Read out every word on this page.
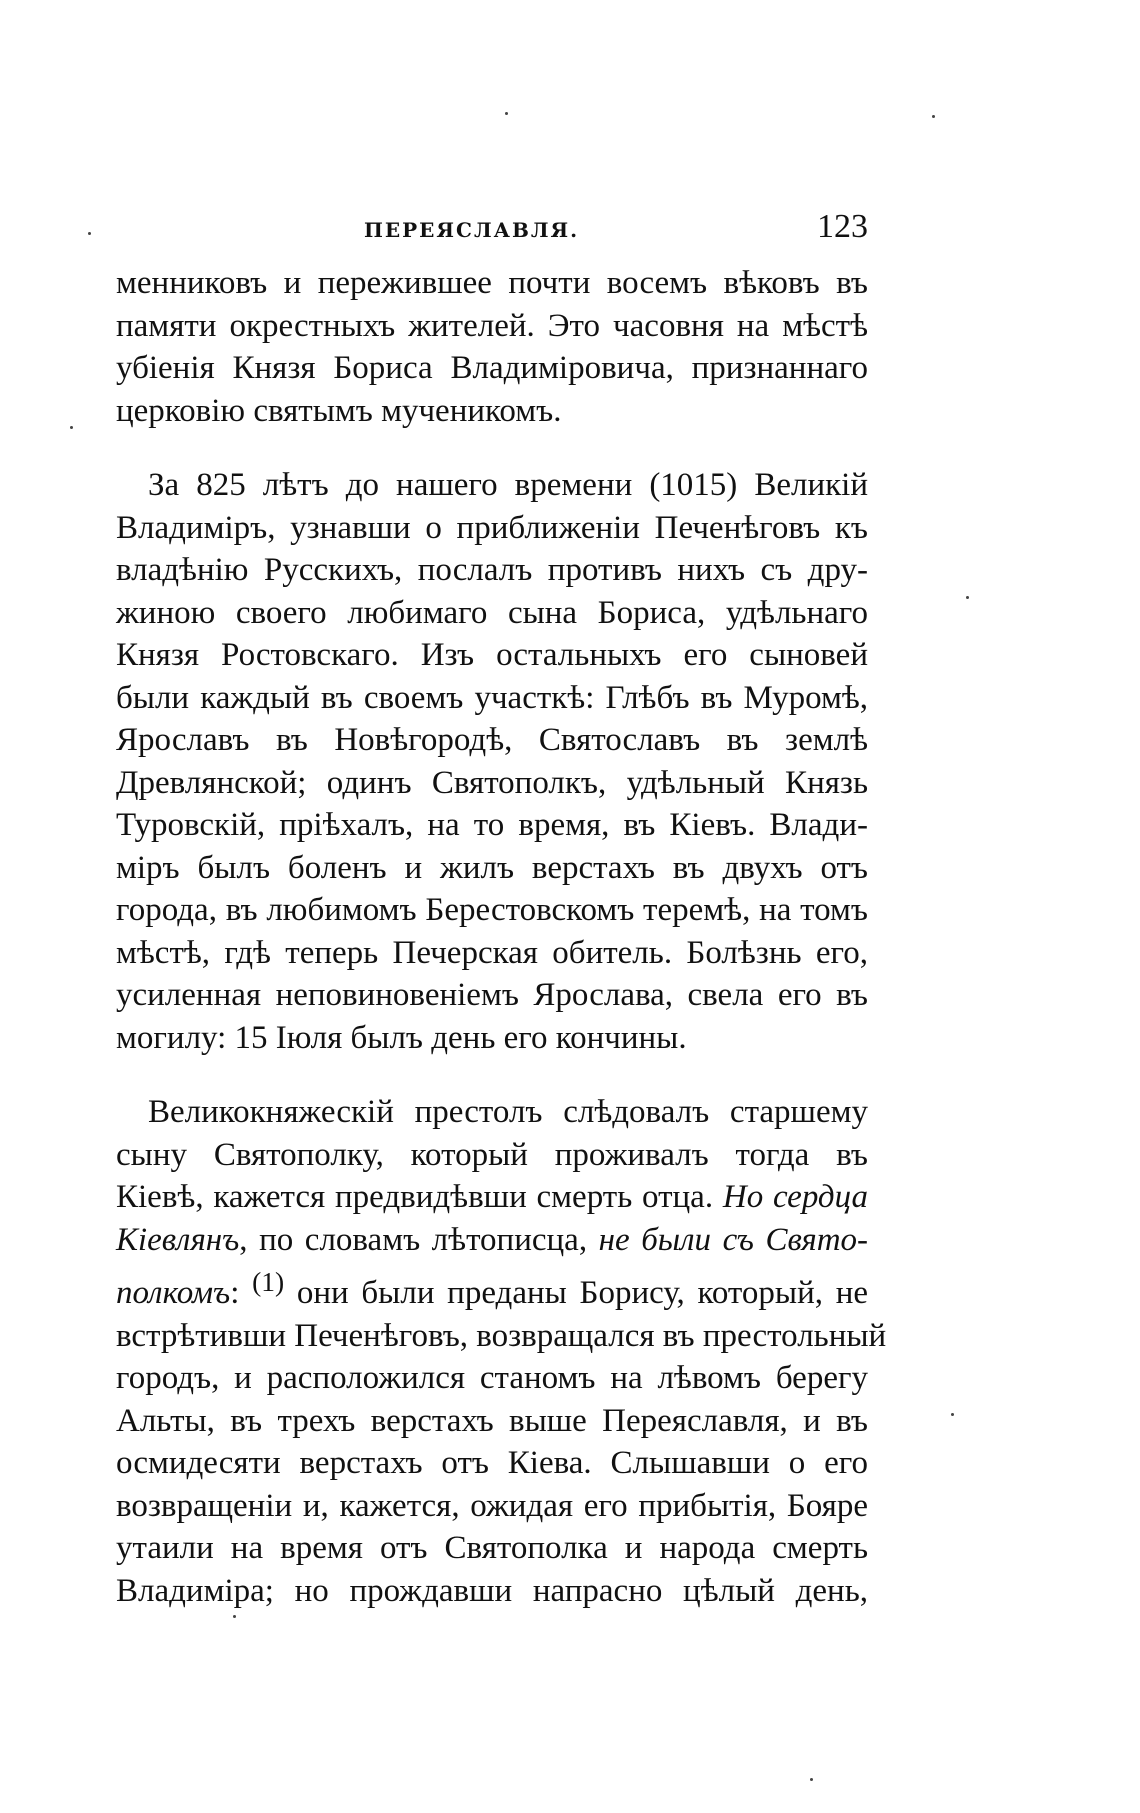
ПЕРЕЯСЛАВЛЯ.	123
менниковъ и пережившее почти восемъ вѣковъ въ
памяти окрестныхъ жителей. Это часовня на мѣстѣ
убіенія Князя Бориса Владиміровича, признаннаго
церковію святымъ мученикомъ.
За 825 лѣтъ до нашего времени (1015) Великій
Владиміръ, узнавши о приближеніи Печенѣговъ къ
владѣнію Русскихъ, послалъ противъ нихъ съ дру-
жиною своего любимаго сына Бориса, удѣльнаго
Князя Ростовскаго. Изъ остальныхъ его сыновей
были каждый въ своемъ участкѣ: Глѣбъ въ Муромѣ,
Ярославъ въ Новѣгородѣ, Святославъ въ землѣ
Древлянской; одинъ Святополкъ, удѣльный Князь
Туровскій, пріѣхалъ, на то время, въ Кіевъ. Влади-
міръ былъ боленъ и жилъ верстахъ въ двухъ отъ
города, въ любимомъ Берестовскомъ теремѣ, на томъ
мѣстѣ, гдѣ теперь Печерская обитель. Болѣзнь его,
усиленная неповиновеніемъ Ярослава, свела его въ
могилу: 15 Іюля былъ день его кончины.
Великокняжескій престолъ слѣдовалъ старшему
сыну Святополку, который проживалъ тогда въ
Кіевѣ, кажется предвидѣвши смерть отца. Но сердца
Кіевлянъ, по словамъ лѣтописца, не были съ Свято-
полкомъ: $^{(1)}$ они были преданы Борису, который, не
встрѣтивши Печенѣговъ, возвращался въ престольный
городъ, и расположился станомъ на лѣвомъ берегу
Альты, въ трехъ верстахъ выше Переяславля, и въ
осмидесяти верстахъ отъ Кіева. Слышавши о его
возвращеніи и, кажется, ожидая его прибытія, Бояре
утаили на время отъ Святополка и народа смерть
Владиміра; но прождавши напрасно цѣлый день,
